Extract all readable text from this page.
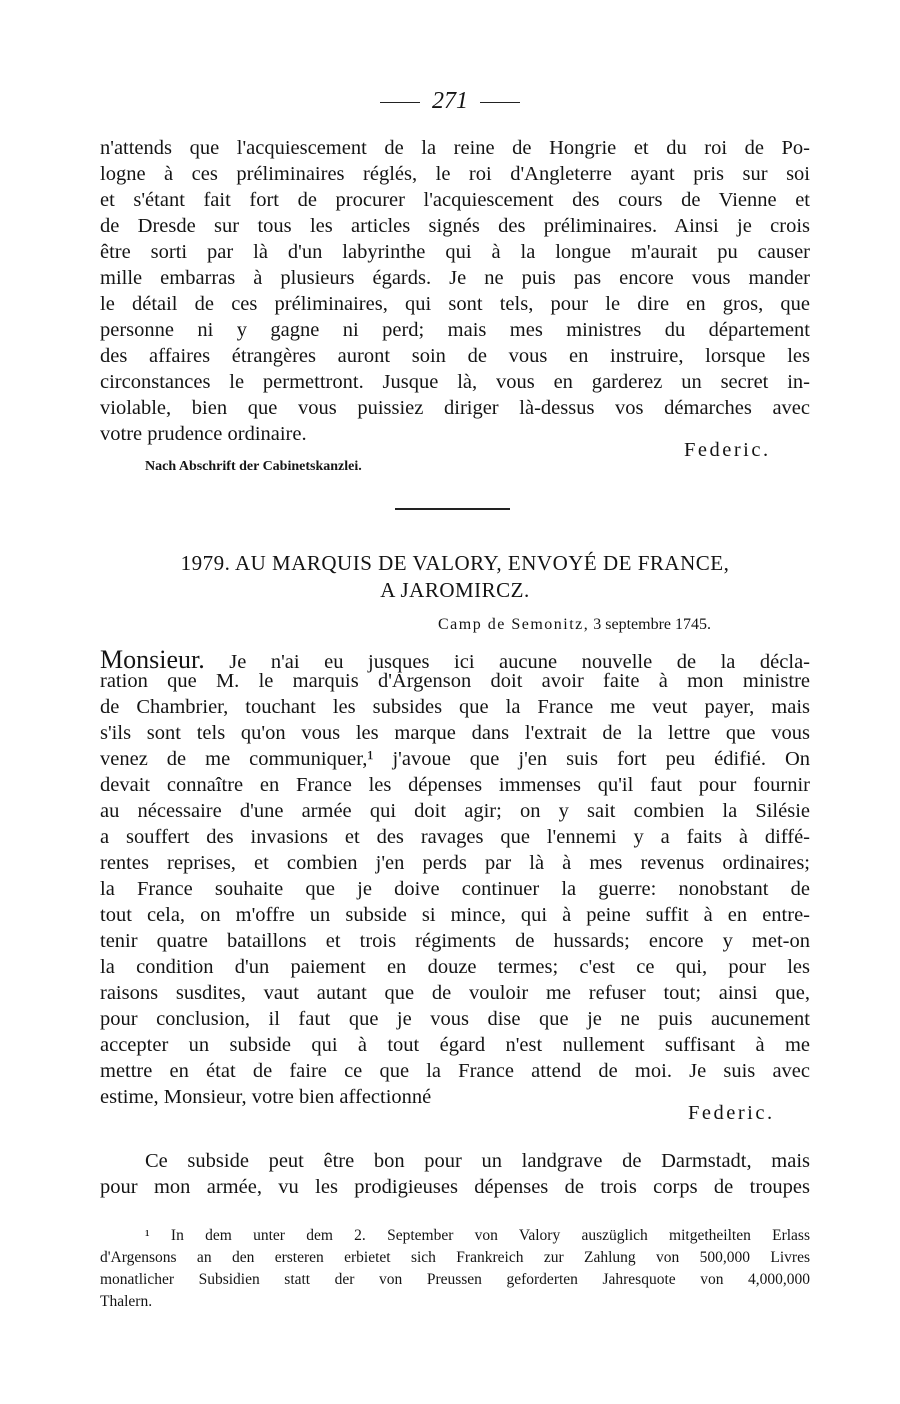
271
n'attends que l'acquiescement de la reine de Hongrie et du roi de Po-
logne à ces préliminaires réglés, le roi d'Angleterre ayant pris sur soi
et s'étant fait fort de procurer l'acquiescement des cours de Vienne et
de Dresde sur tous les articles signés des préliminaires. Ainsi je crois
être sorti par là d'un labyrinthe qui à la longue m'aurait pu causer
mille embarras à plusieurs égards. Je ne puis pas encore vous mander
le détail de ces préliminaires, qui sont tels, pour le dire en gros, que
personne ni y gagne ni perd; mais mes ministres du département
des affaires étrangères auront soin de vous en instruire, lorsque les
circonstances le permettront. Jusque là, vous en garderez un secret in-
violable, bien que vous puissiez diriger là-dessus vos démarches avec
votre prudence ordinaire.
Federic.
Nach Abschrift der Cabinetskanzlei.
1979. AU MARQUIS DE VALORY, ENVOYÉ DE FRANCE,
A JAROMIRCZ.
Camp de Semonitz, 3 septembre 1745.
Monsieur. Je n'ai eu jusques ici aucune nouvelle de la décla-
ration que M. le marquis d'Argenson doit avoir faite à mon ministre
de Chambrier, touchant les subsides que la France me veut payer, mais
s'ils sont tels qu'on vous les marque dans l'extrait de la lettre que vous
venez de me communiquer,¹ j'avoue que j'en suis fort peu édifié. On
devait connaître en France les dépenses immenses qu'il faut pour fournir
au nécessaire d'une armée qui doit agir; on y sait combien la Silésie
a souffert des invasions et des ravages que l'ennemi y a faits à diffé-
rentes reprises, et combien j'en perds par là à mes revenus ordinaires;
la France souhaite que je doive continuer la guerre: nonobstant de
tout cela, on m'offre un subside si mince, qui à peine suffit à en entre-
tenir quatre bataillons et trois régiments de hussards; encore y met-on
la condition d'un paiement en douze termes; c'est ce qui, pour les
raisons susdites, vaut autant que de vouloir me refuser tout; ainsi que,
pour conclusion, il faut que je vous dise que je ne puis aucunement
accepter un subside qui à tout égard n'est nullement suffisant à me
mettre en état de faire ce que la France attend de moi. Je suis avec
estime, Monsieur, votre bien affectionné
Federic.
Ce subside peut être bon pour un landgrave de Darmstadt, mais
pour mon armée, vu les prodigieuses dépenses de trois corps de troupes
¹ In dem unter dem 2. September von Valory auszüglich mitgetheilten Erlass
d'Argensons an den ersteren erbietet sich Frankreich zur Zahlung von 500,000 Livres
monatlicher Subsidien statt der von Preussen geforderten Jahresquote von 4,000,000
Thalern.
